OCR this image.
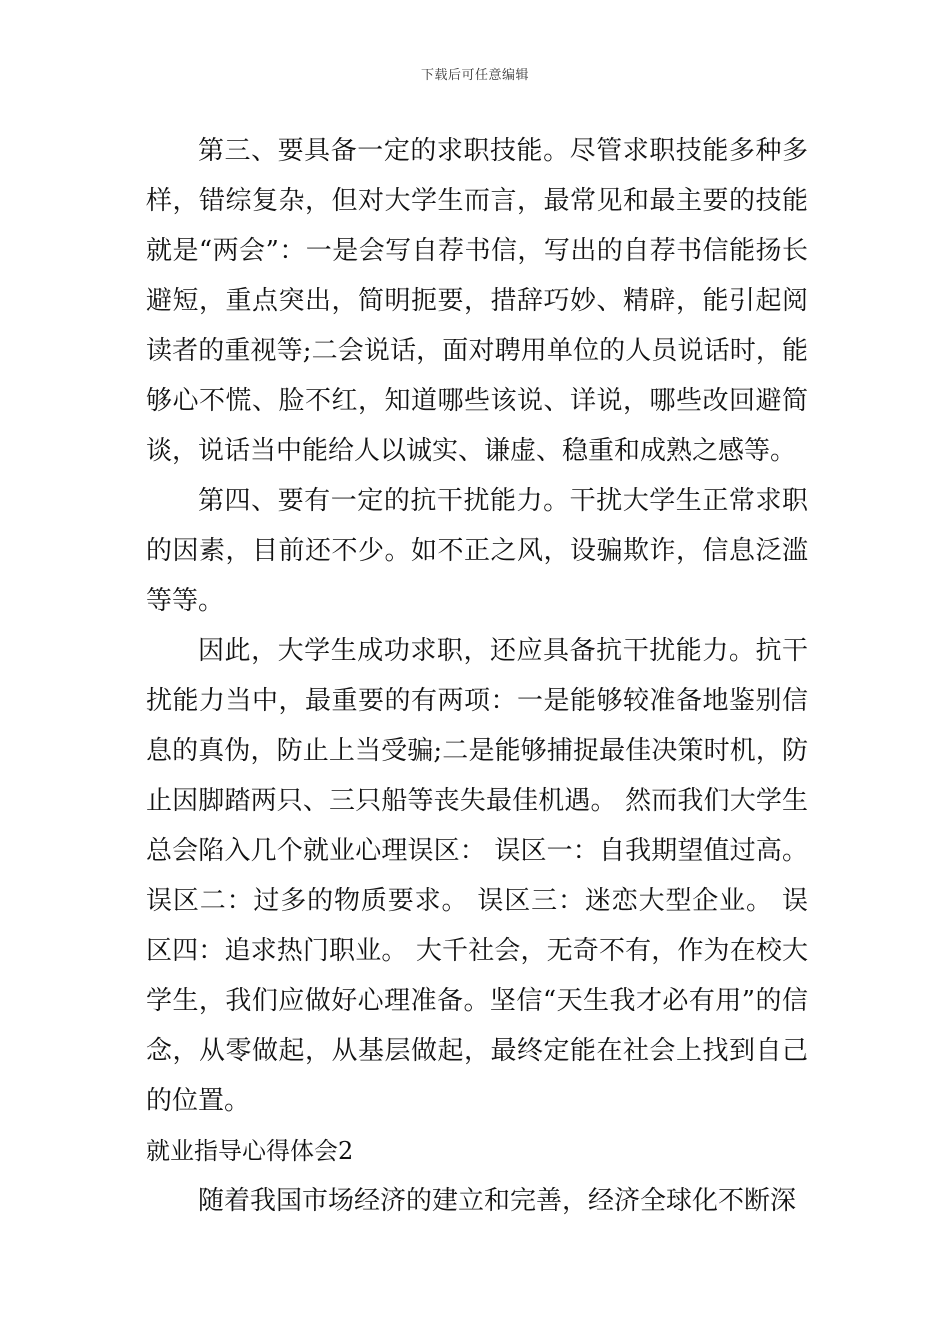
下载后可任意编辑

第三、要具备一定的求职技能。尽管求职技能多种多样，错综复杂，但对大学生而言，最常见和最主要的技能就是“两会”：一是会写自荐书信，写出的自荐书信能扬长避短，重点突出，简明扼要，措辞巧妙、精辟，能引起阅读者的重视等;二会说话，面对聘用单位的人员说话时，能够心不慌、脸不红，知道哪些该说、详说，哪些改回避简谈，说话当中能给人以诚实、谦虚、稳重和成熟之感等。

第四、要有一定的抗干扰能力。干扰大学生正常求职的因素，目前还不少。如不正之风，设骗欺诈，信息泛滥等等。

因此，大学生成功求职，还应具备抗干扰能力。抗干扰能力当中，最重要的有两项：一是能够较准备地鉴别信息的真伪，防止上当受骗;二是能够捕捉最佳决策时机，防止因脚踏两只、三只船等丧失最佳机遇。 然而我们大学生总会陷入几个就业心理误区： 误区一：自我期望值过高。 误区二：过多的物质要求。 误区三：迷恋大型企业。 误区四：追求热门职业。 大千社会，无奇不有，作为在校大学生，我们应做好心理准备。坚信“天生我才必有用”的信念，从零做起，从基层做起，最终定能在社会上找到自己的位置。

就业指导心得体会2

随着我国市场经济的建立和完善，经济全球化不断深
